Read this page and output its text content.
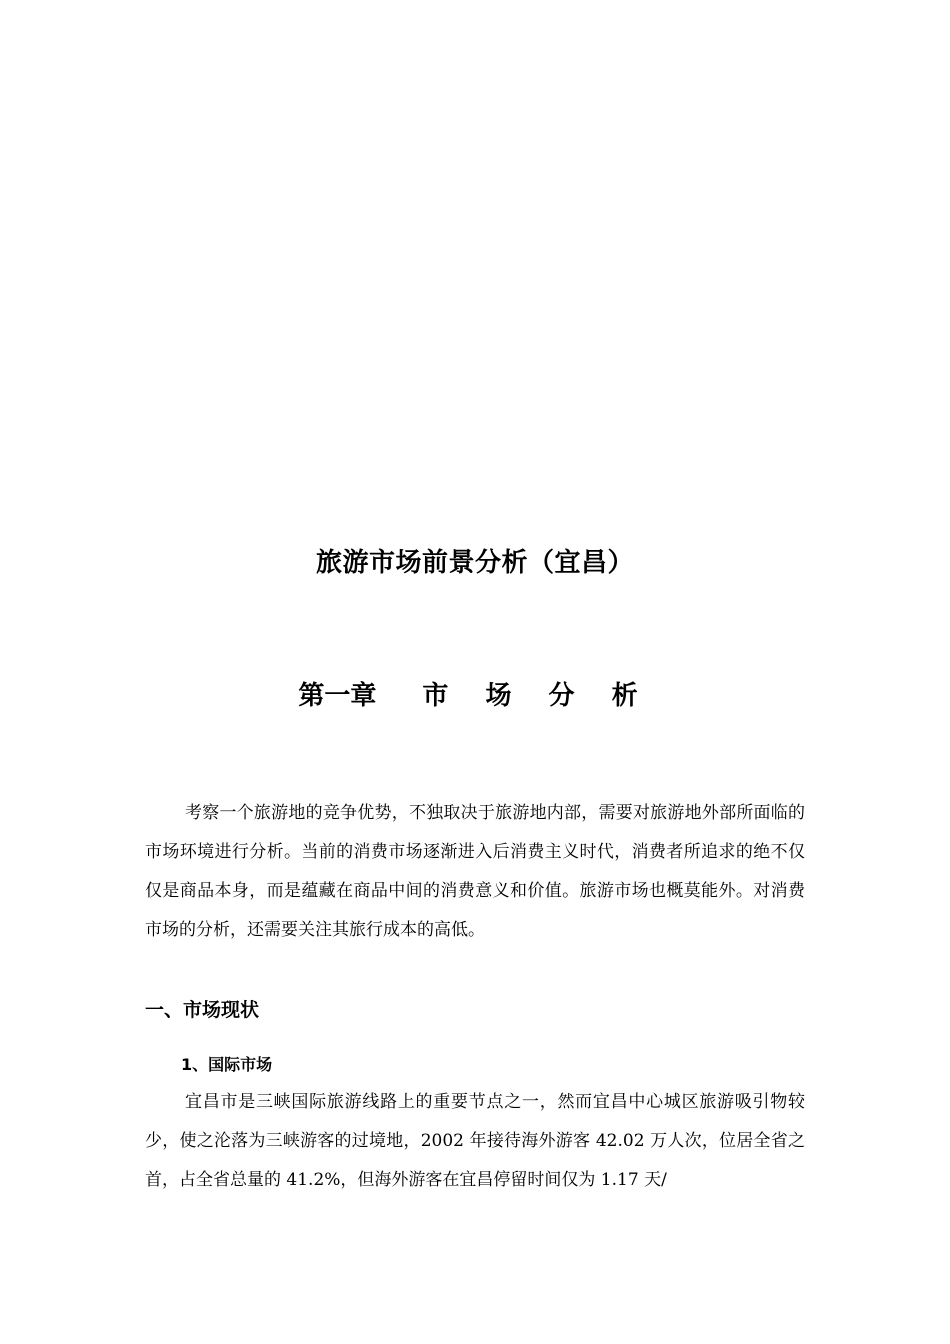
旅游市场前景分析（宜昌）
第一章 市 场 分 析

考察一个旅游地的竞争优势，不独取决于旅游地内部，需要对旅游地外部所面临的市场环境进行分析。当前的消费市场逐渐进入后消费主义时代，消费者所追求的绝不仅仅是商品本身，而是蕴藏在商品中间的消费意义和价值。旅游市场也概莫能外。对消费市场的分析，还需要关注其旅行成本的高低。

一、市场现状
1、国际市场

宜昌市是三峡国际旅游线路上的重要节点之一，然而宜昌中心城区旅游吸引物较少，使之沦落为三峡游客的过境地，2002 年接待海外游客 42.02 万人次，位居全省之首，占全省总量的 41.2%，但海外游客在宜昌停留时间仅为 1.17 天/
